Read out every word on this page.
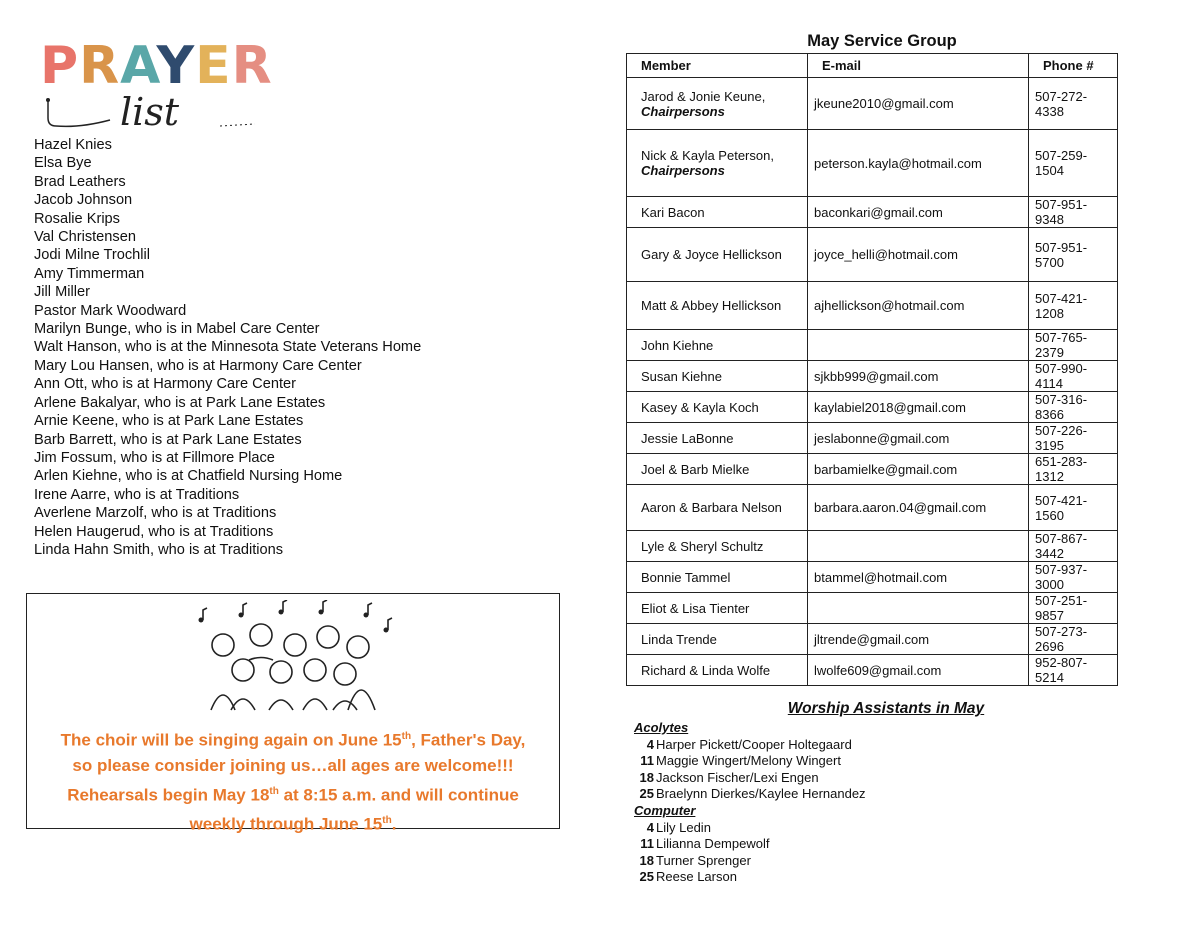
PRAYER
list
Hazel Knies
Elsa Bye
Brad Leathers
Jacob Johnson
Rosalie Krips
Val Christensen
Jodi Milne Trochlil
Amy Timmerman
Jill Miller
Pastor Mark Woodward
Marilyn Bunge, who is in Mabel Care Center
Walt Hanson, who is at the Minnesota State Veterans Home
Mary Lou Hansen, who is at Harmony Care Center
Ann Ott, who is at Harmony Care Center
Arlene Bakalyar, who is at Park Lane Estates
Arnie Keene, who is at Park Lane Estates
Barb Barrett, who is at Park Lane Estates
Jim Fossum, who is at Fillmore Place
Arlen Kiehne, who is at Chatfield Nursing Home
Irene Aarre, who is at Traditions
Averlene Marzolf, who is at Traditions
Helen Haugerud, who is at Traditions
Linda Hahn Smith, who is at Traditions
The choir will be singing again on June 15th, Father's Day,
so please consider joining us…all ages are welcome!!!
Rehearsals begin May 18th at 8:15 a.m. and will continue
weekly through June 15th.
May Service Group
Member	E-mail	Phone #
Jarod & Jonie Keune,
Chairpersons	jkeune2010@gmail.com	507-272-4338
Nick & Kayla Peterson,
Chairpersons	peterson.kayla@hotmail.com	507-259-1504
Kari Bacon	baconkari@gmail.com	507-951-9348
Gary & Joyce Hellickson	joyce_helli@hotmail.com	507-951-5700
Matt & Abbey Hellickson	ajhellickson@hotmail.com	507-421-1208
John Kiehne		507-765-2379
Susan Kiehne	sjkbb999@gmail.com	507-990-4114
Kasey & Kayla Koch	kaylabiel2018@gmail.com	507-316-8366
Jessie LaBonne	jeslabonne@gmail.com	507-226-3195
Joel & Barb Mielke	barbamielke@gmail.com	651-283-1312
Aaron & Barbara Nelson	barbara.aaron.04@gmail.com	507-421-1560
Lyle & Sheryl Schultz		507-867-3442
Bonnie Tammel	btammel@hotmail.com	507-937-3000
Eliot & Lisa Tienter		507-251-9857
Linda Trende	jltrende@gmail.com	507-273-2696
Richard & Linda Wolfe	lwolfe609@gmail.com	952-807-5214
Worship Assistants in May
Acolytes
4 Harper Pickett/Cooper Holtegaard
11 Maggie Wingert/Melony Wingert
18 Jackson Fischer/Lexi Engen
25 Braelynn Dierkes/Kaylee Hernandez
Computer
4 Lily Ledin
11 Lilianna Dempewolf
18 Turner Sprenger
25 Reese Larson
